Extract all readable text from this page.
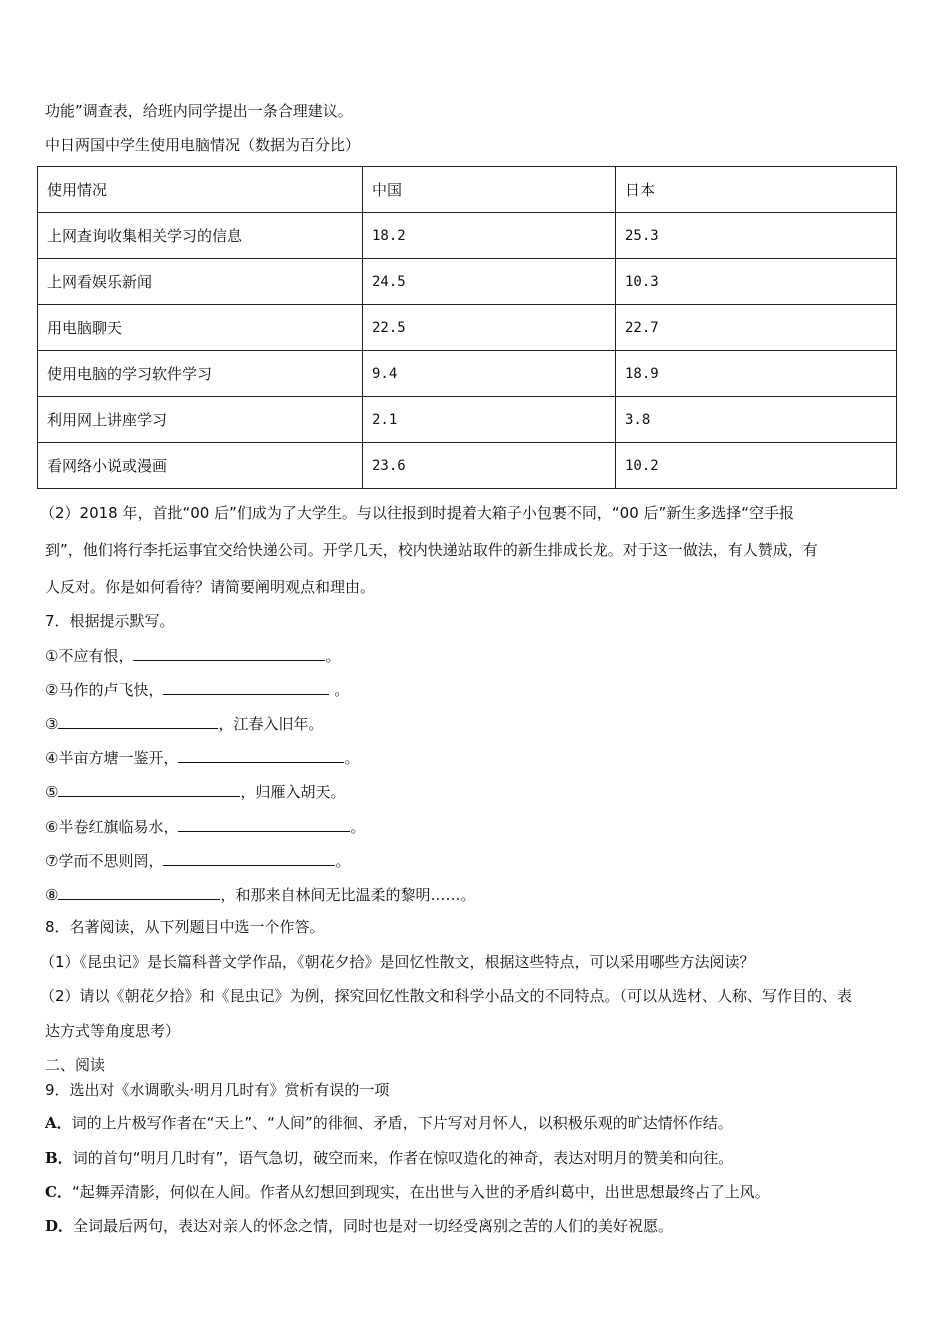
功能”调查表，给班内同学提出一条合理建议。
中日两国中学生使用电脑情况（数据为百分比）
使用情况	中国	日本
上网查询收集相关学习的信息	18.2	25.3
上网看娱乐新闻	24.5	10.3
用电脑聊天	22.5	22.7
使用电脑的学习软件学习	9.4	18.9
利用网上讲座学习	2.1	3.8
看网络小说或漫画	23.6	10.2
（2）2018 年，首批“00 后”们成为了大学生。与以往报到时提着大箱子小包裹不同，“00 后”新生多选择“空手报
到”，他们将行李托运事宜交给快递公司。开学几天，校内快递站取件的新生排成长龙。对于这一做法，有人赞成，有
人反对。你是如何看待？请简要阐明观点和理由。
7．根据提示默写。
①不应有恨，	。
②马作的卢飞快，	。
③	，江春入旧年。
④半亩方塘一鉴开，	。
⑤	，归雁入胡天。
⑥半卷红旗临易水，	。
⑦学而不思则罔，	。
⑧	，和那来自林间无比温柔的黎明……。
8．名著阅读，从下列题目中选一个作答。
（1）《昆虫记》是长篇科普文学作品，《朝花夕拾》是回忆性散文，根据这些特点，可以采用哪些方法阅读？
（2）请以《朝花夕拾》和《昆虫记》为例，探究回忆性散文和科学小品文的不同特点。（可以从选材、人称、写作目的、表
达方式等角度思考）
二、阅读
9．选出对《水调歌头·明月几时有》赏析有误的一项
A．词的上片极写作者在“天上”、“人间”的徘徊、矛盾，下片写对月怀人，以积极乐观的旷达情怀作结。
B．词的首句“明月几时有”，语气急切，破空而来，作者在惊叹造化的神奇，表达对明月的赞美和向往。
C．“起舞弄清影，何似在人间。作者从幻想回到现实，在出世与入世的矛盾纠葛中，出世思想最终占了上风。
D．全词最后两句，表达对亲人的怀念之情，同时也是对一切经受离别之苦的人们的美好祝愿。
